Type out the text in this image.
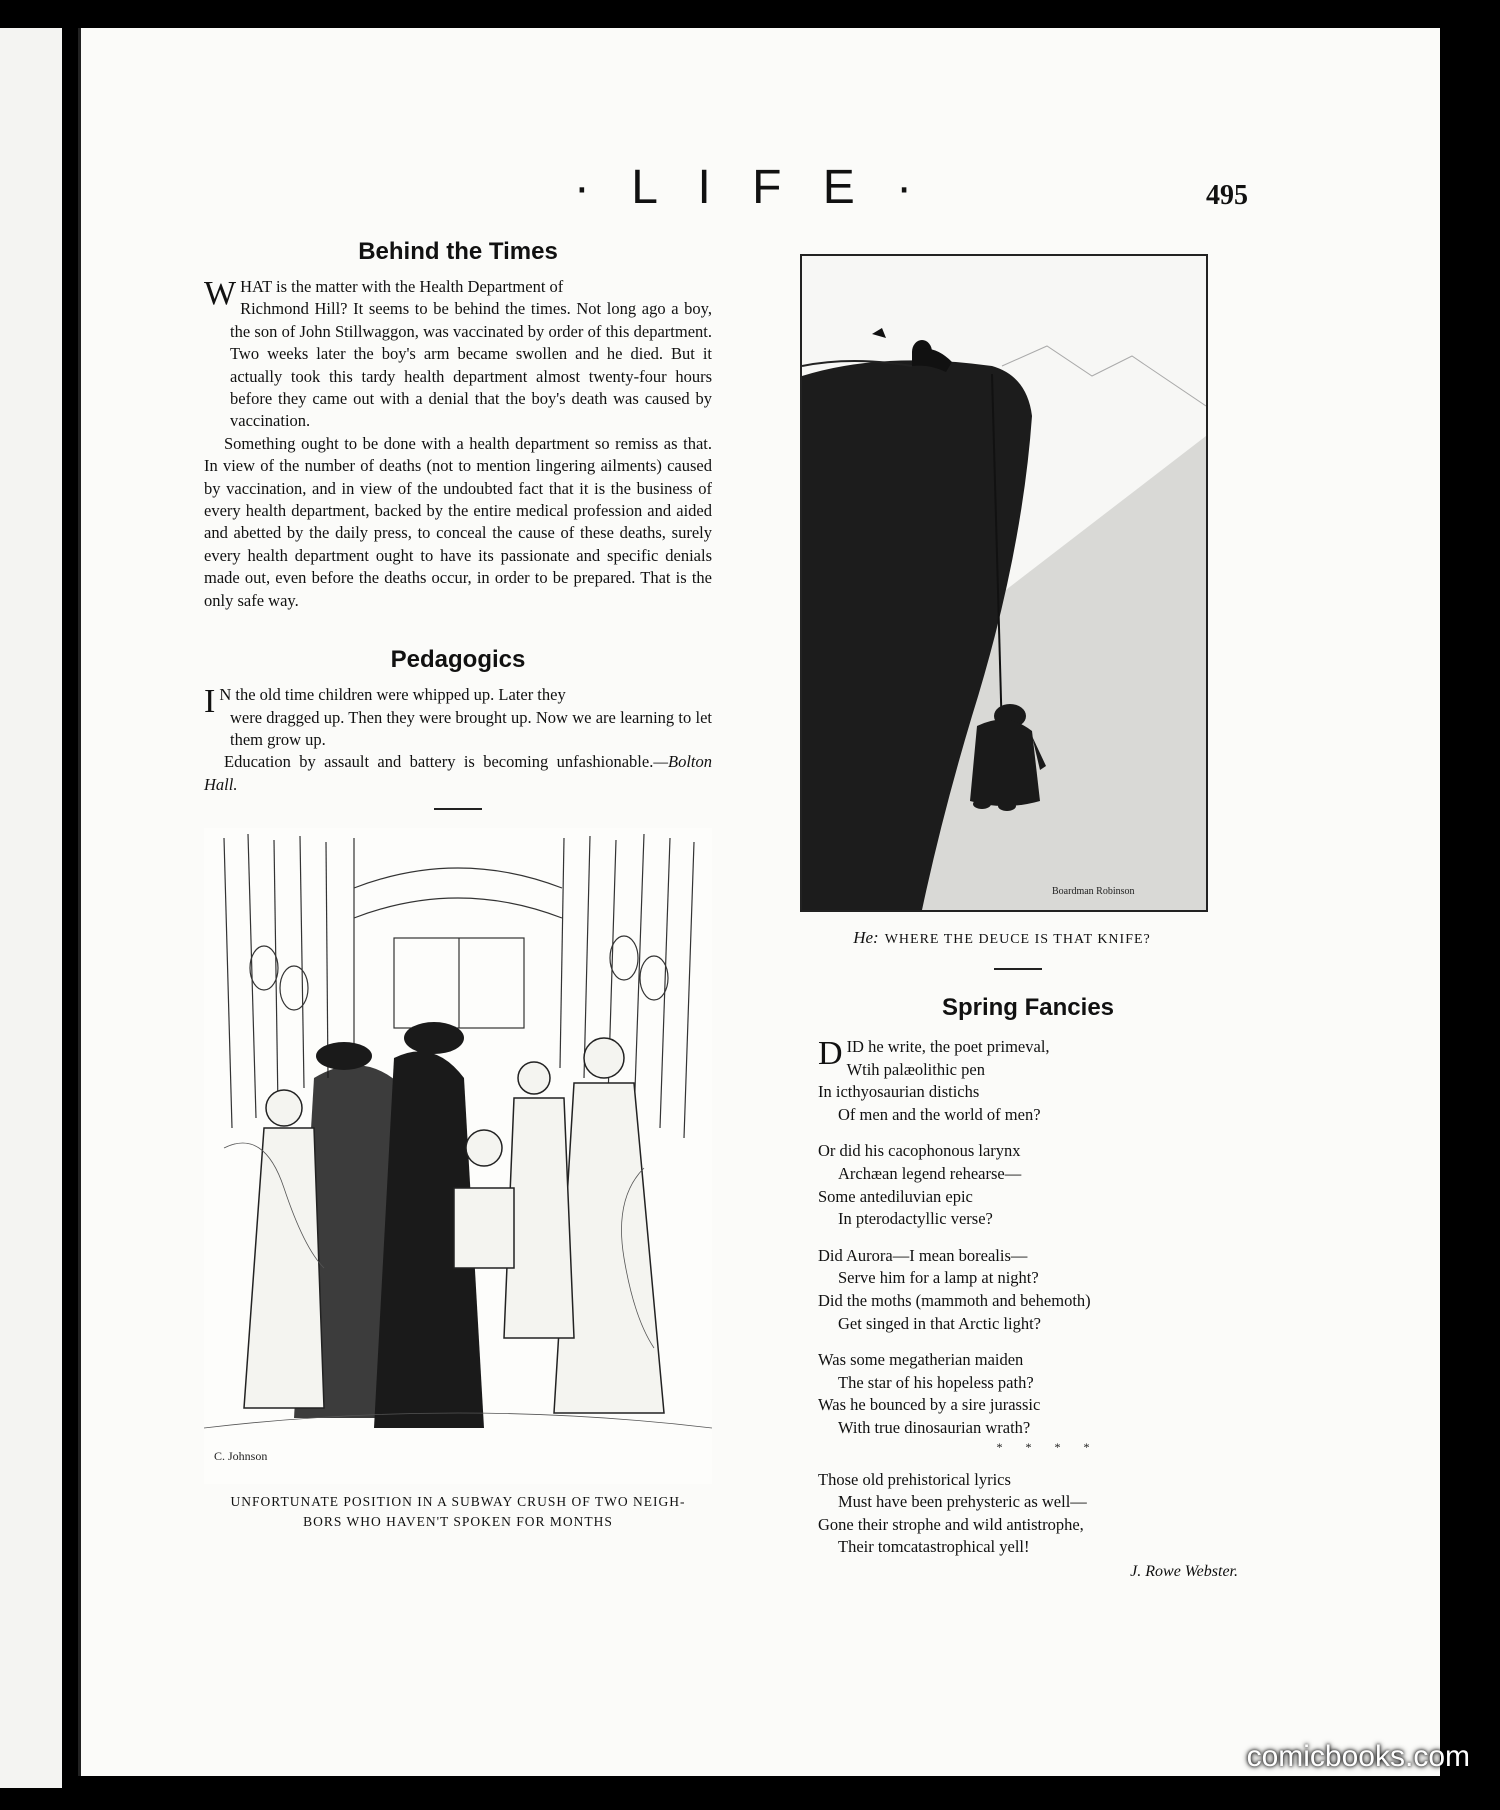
· L I F E ·	495
Behind the Times

WHAT is the matter with the Health Department of
Richmond Hill? It seems to be behind the times. Not long ago a boy, the son of John Stillwaggon, was vaccinated by order of this department. Two weeks later the boy's arm became swollen and he died. But it actually took this tardy health department almost twenty-four hours before they came out with a denial that the boy's death was caused by vaccination.

Something ought to be done with a health department so remiss as that. In view of the number of deaths (not to mention lingering ailments) caused by vaccination, and in view of the undoubted fact that it is the business of every health department, backed by the entire medical profession and aided and abetted by the daily press, to conceal the cause of these deaths, surely every health department ought to have its passionate and specific denials made out, even before the deaths occur, in order to be prepared. That is the only safe way.

Pedagogics

I N the old time children were whipped up. Later they
were dragged up. Then they were brought up. Now we are learning to let them grow up.

Education by assault and battery is becoming unfashionable.—Bolton Hall.

C. Johnson
UNFORTUNATE POSITION IN A SUBWAY CRUSH OF TWO NEIGH-
BORS WHO HAVEN'T SPOKEN FOR MONTHS
Boardman Robinson
He: WHERE THE DEUCE IS THAT KNIFE?
Spring Fancies
DID he write, the poet primeval,
Wtih palæolithic pen
In icthyosaurian distichs
Of men and the world of men?
Or did his cacophonous larynx
Archæan legend rehearse—
Some antediluvian epic
In pterodactyllic verse?
Did Aurora—I mean borealis—
Serve him for a lamp at night?
Did the moths (mammoth and behemoth)
Get singed in that Arctic light?
Was some megatherian maiden
The star of his hopeless path?
Was he bounced by a sire jurassic
With true dinosaurian wrath?
* * * *
Those old prehistorical lyrics
Must have been prehysteric as well—
Gone their strophe and wild antistrophe,
Their tomcatastrophical yell!
J. Rowe Webster.
comicbooks.com
